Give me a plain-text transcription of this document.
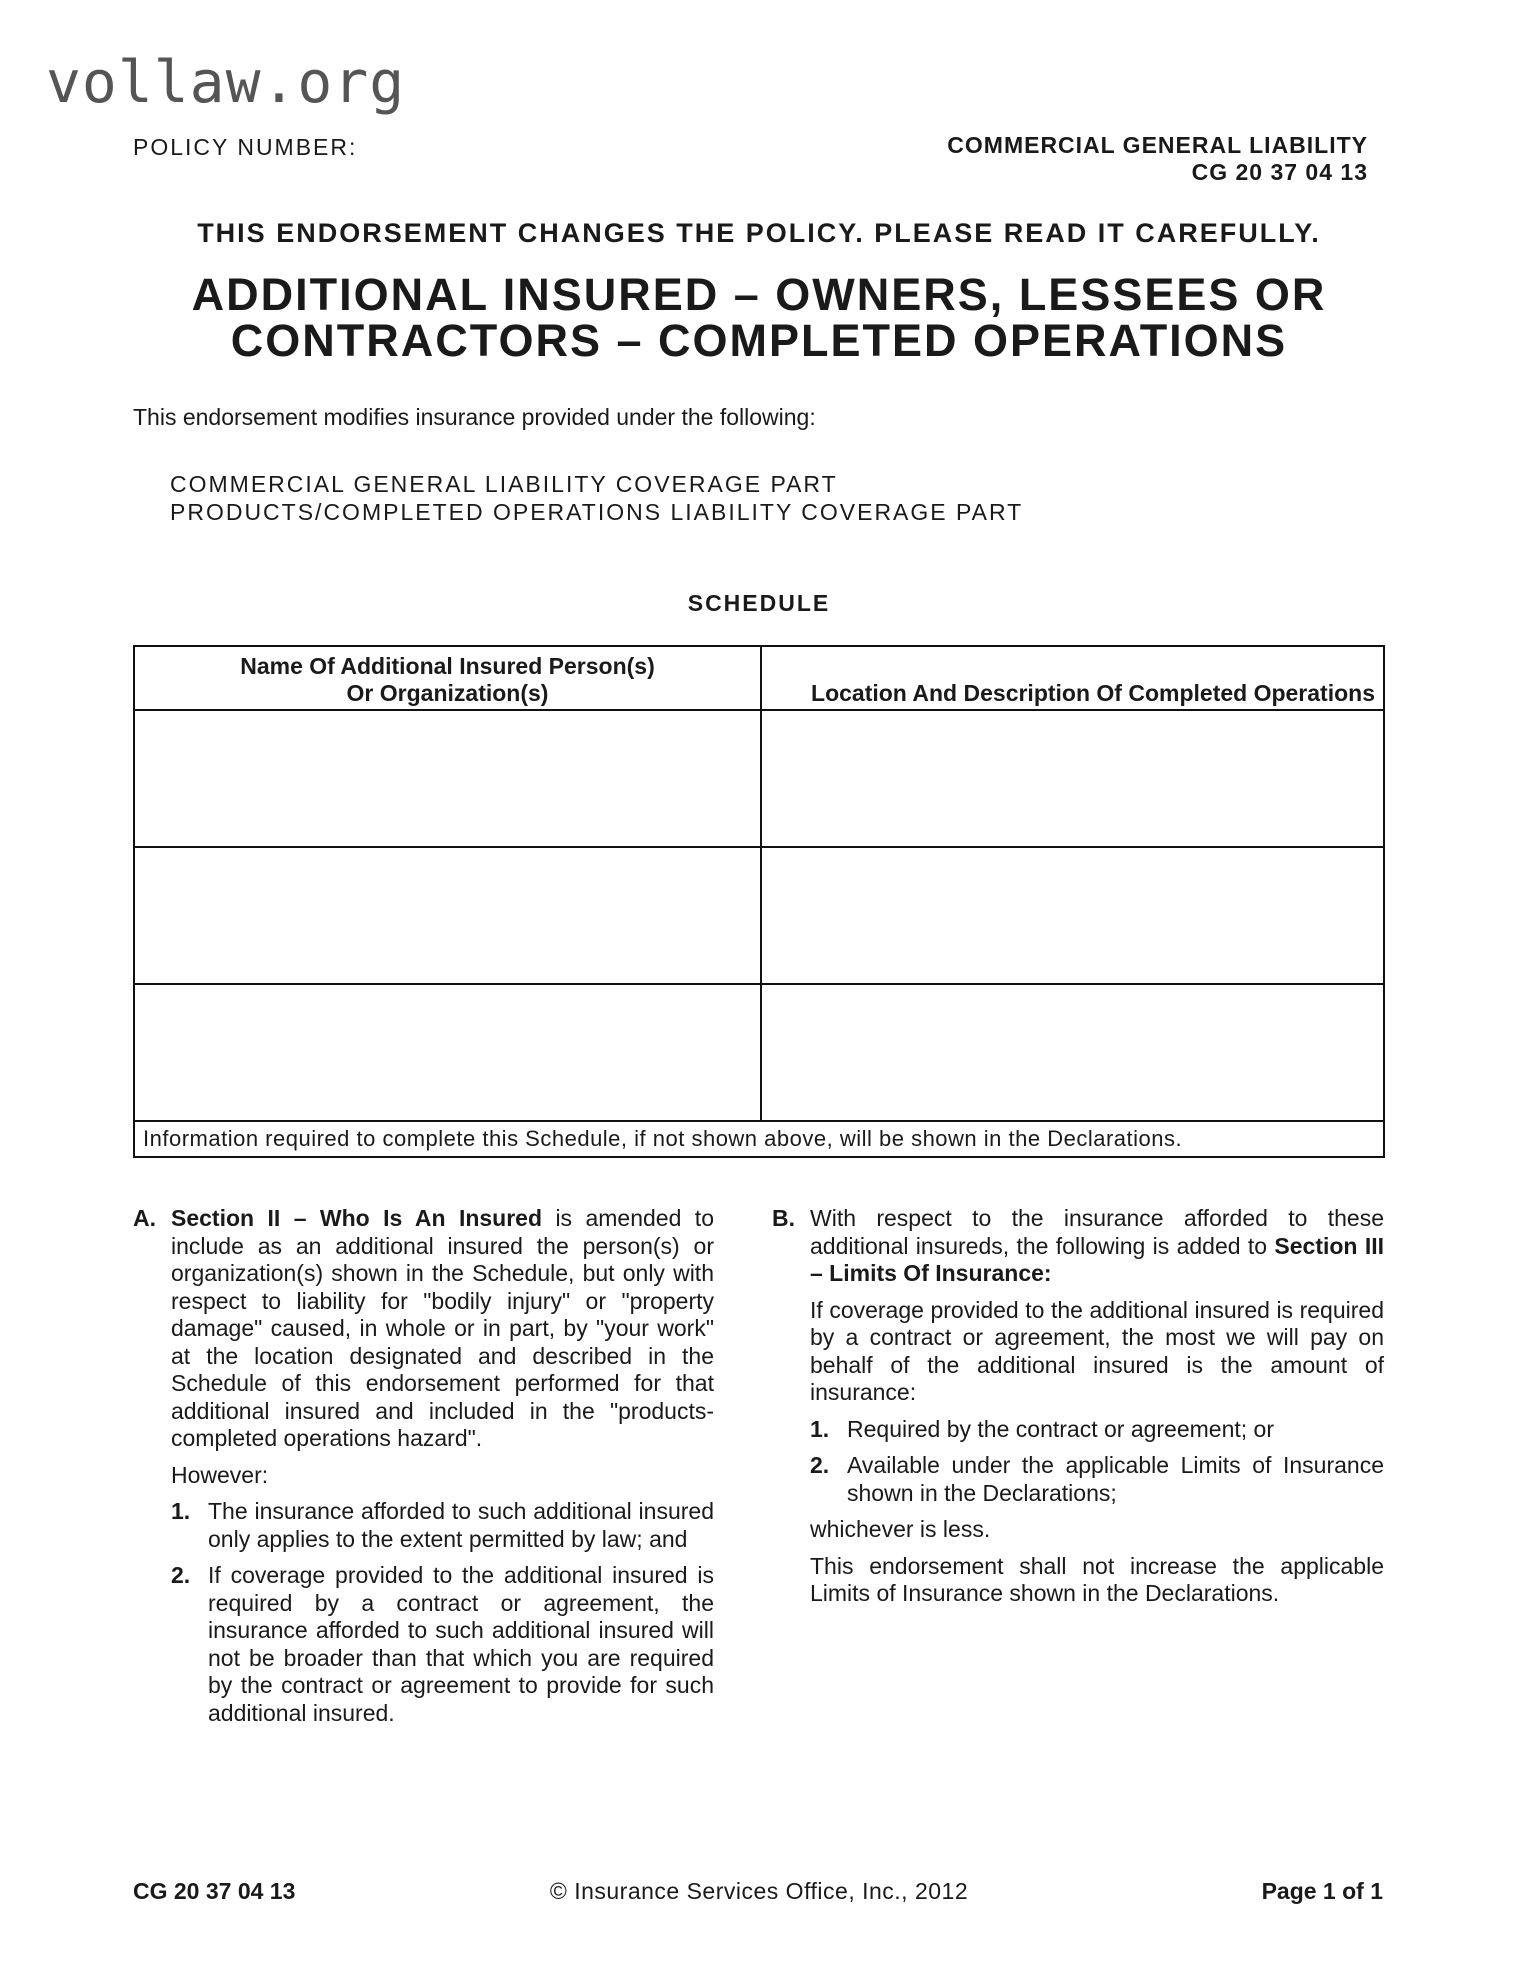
vollaw.org
POLICY NUMBER:	COMMERCIAL GENERAL LIABILITY
CG 20 37 04 13
THIS ENDORSEMENT CHANGES THE POLICY. PLEASE READ IT CAREFULLY.
ADDITIONAL INSURED – OWNERS, LESSEES OR
CONTRACTORS – COMPLETED OPERATIONS
This endorsement modifies insurance provided under the following:
COMMERCIAL GENERAL LIABILITY COVERAGE PART
PRODUCTS/COMPLETED OPERATIONS LIABILITY COVERAGE PART
SCHEDULE
Name Of Additional Insured Person(s)
Or Organization(s)	Location And Description Of Completed Operations

Information required to complete this Schedule, if not shown above, will be shown in the Declarations.	
A. Section II – Who Is An Insured is amended to include as an additional insured the person(s) or organization(s) shown in the Schedule, but only with respect to liability for "bodily injury" or "property damage" caused, in whole or in part, by "your work" at the location designated and described in the Schedule of this endorsement performed for that additional insured and included in the "products-completed operations hazard".

However:

1. The insurance afforded to such additional insured only applies to the extent permitted by law; and
2. If coverage provided to the additional insured is required by a contract or agreement, the insurance afforded to such additional insured will not be broader than that which you are required by the contract or agreement to provide for such additional insured.
B. With respect to the insurance afforded to these additional insureds, the following is added to Section III – Limits Of Insurance:

If coverage provided to the additional insured is required by a contract or agreement, the most we will pay on behalf of the additional insured is the amount of insurance:

1. Required by the contract or agreement; or
2. Available under the applicable Limits of Insurance shown in the Declarations;

whichever is less.

This endorsement shall not increase the applicable Limits of Insurance shown in the Declarations.

CG 20 37 04 13	© Insurance Services Office, Inc., 2012	Page 1 of 1
